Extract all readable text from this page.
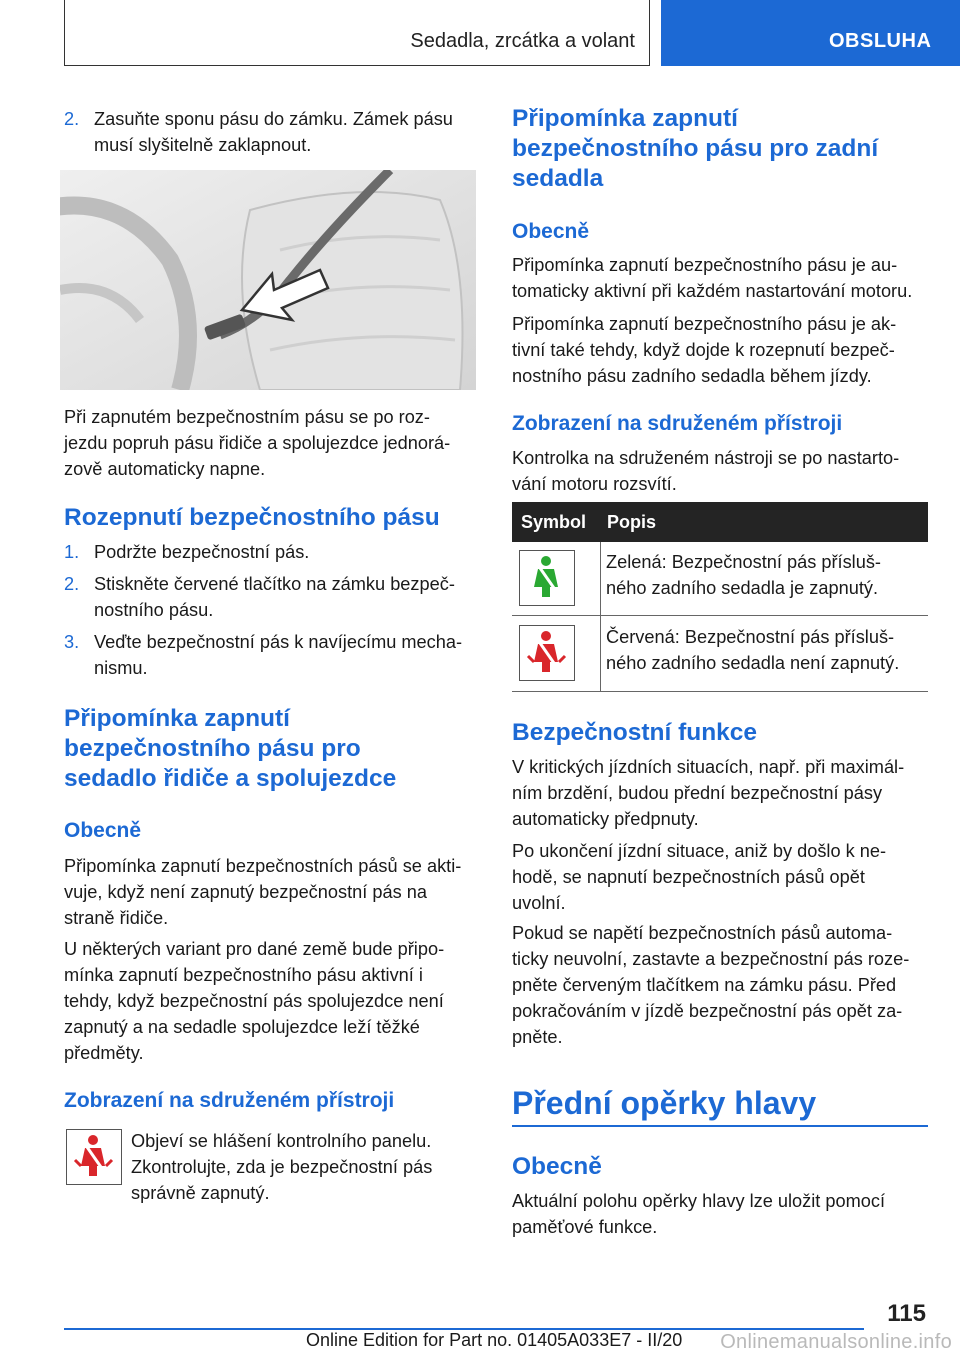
Sedadla, zrcátka a volant	OBSLUHA
2. Zasuňte sponu pásu do zámku. Zámek pásu
musí slyšitelně zaklapnout.
Při zapnutém bezpečnostním pásu se po roz‐
jezdu popruh pásu řidiče a spolujezdce jednorá‐
zově automaticky napne.
Rozepnutí bezpečnostního pásu
1. Podržte bezpečnostní pás.
2. Stiskněte červené tlačítko na zámku bezpeč‐
nostního pásu.
3. Veďte bezpečnostní pás k navíjecímu mecha‐
nismu.
Připomínka zapnutí
bezpečnostního pásu pro
sedadlo řidiče a spolujezdce
Obecně
Připomínka zapnutí bezpečnostních pásů se akti‐
vuje, když není zapnutý bezpečnostní pás na
straně řidiče.
U některých variant pro dané země bude připo‐
mínka zapnutí bezpečnostního pásu aktivní i
tehdy, když bezpečnostní pás spolujezdce není
zapnutý a na sedadle spolujezdce leží těžké
předměty.
Zobrazení na sdruženém přístroji
Objeví se hlášení kontrolního panelu.
Zkontrolujte, zda je bezpečnostní pás
správně zapnutý.
Připomínka zapnutí
bezpečnostního pásu pro zadní
sedadla
Obecně
Připomínka zapnutí bezpečnostního pásu je au‐
tomaticky aktivní při každém nastartování motoru.
Připomínka zapnutí bezpečnostního pásu je ak‐
tivní také tehdy, když dojde k rozepnutí bezpeč‐
nostního pásu zadního sedadla během jízdy.
Zobrazení na sdruženém přístroji
Kontrolka na sdruženém nástroji se po nastarto‐
vání motoru rozsvítí.
Symbol Popis
Zelená: Bezpečnostní pás přísluš‐
ného zadního sedadla je zapnutý.
Červená: Bezpečnostní pás přísluš‐
ného zadního sedadla není zapnutý.
Bezpečnostní funkce
V kritických jízdních situacích, např. při maximál‐
ním brzdění, budou přední bezpečnostní pásy
automaticky předpnuty.
Po ukončení jízdní situace, aniž by došlo k ne‐
hodě, se napnutí bezpečnostních pásů opět
uvolní.
Pokud se napětí bezpečnostních pásů automa‐
ticky neuvolní, zastavte a bezpečnostní pás roze‐
pněte červeným tlačítkem na zámku pásu. Před
pokračováním v jízdě bezpečnostní pás opět za‐
pněte.
Přední opěrky hlavy
Obecně
Aktuální polohu opěrky hlavy lze uložit pomocí
paměťové funkce.
115
Online Edition for Part no. 01405A033E7 - II/20 Onlinemanualsonline.info
